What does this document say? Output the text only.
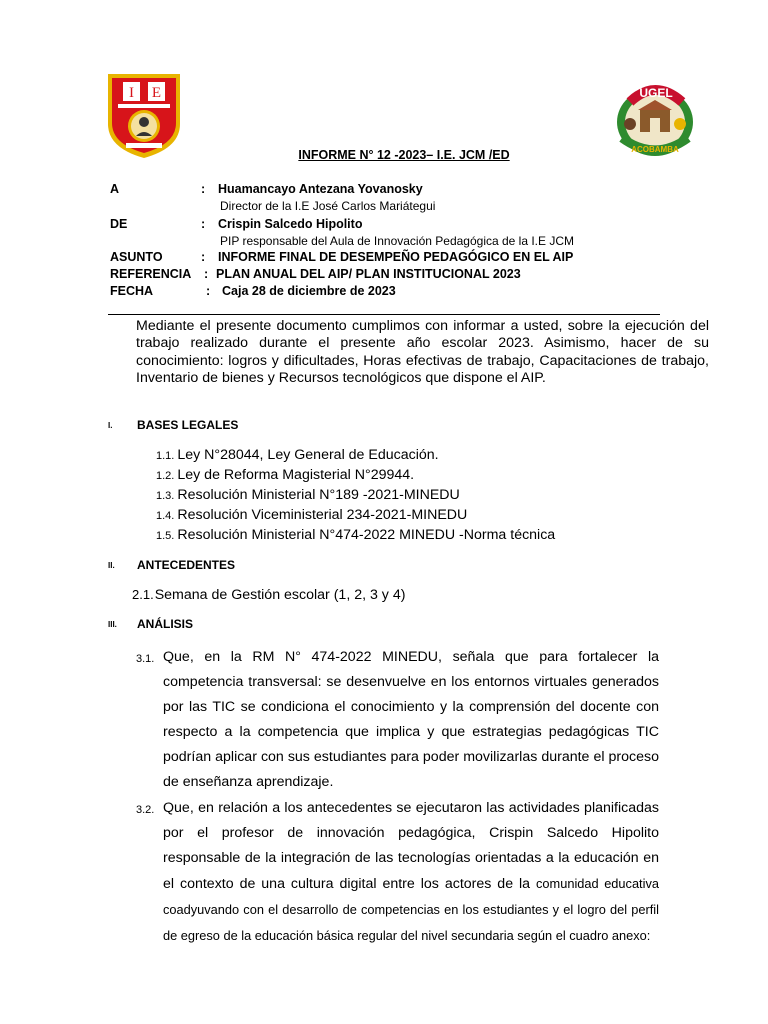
I E	UGEL
ACOBAMBA
INFORME N° 12 -2023– I.E. JCM /ED
A	: Huamancayo Antezana Yovanosky
Director de la I.E José Carlos Mariátegui
DE	: Crispin Salcedo Hipolito
PIP responsable del Aula de Innovación Pedagógica de la I.E JCM
ASUNTO	: INFORME FINAL DE DESEMPEÑO PEDAGÓGICO EN EL AIP
REFERENCIA : PLAN ANUAL DEL AIP/ PLAN INSTITUCIONAL 2023
FECHA	: Caja 28 de diciembre de 2023
Mediante el presente documento cumplimos con informar a usted, sobre la ejecución del trabajo realizado durante el presente año escolar 2023. Asimismo, hacer de su conocimiento: logros y dificultades, Horas efectivas de trabajo, Capacitaciones de trabajo, Inventario de bienes y Recursos tecnológicos que dispone el AIP.
I. BASES LEGALES
1.1. Ley N°28044, Ley General de Educación.
1.2. Ley de Reforma Magisterial N°29944.
1.3. Resolución Ministerial N°189 -2021-MINEDU
1.4. Resolución Viceministerial 234-2021-MINEDU
1.5. Resolución Ministerial N°474-2022 MINEDU -Norma técnica
II. ANTECEDENTES
2.1.Semana de Gestión escolar (1, 2, 3 y 4)
III. ANÁLISIS
3.1. Que, en la RM N° 474-2022 MINEDU, señala que para fortalecer la competencia transversal: se desenvuelve en los entornos virtuales generados por las TIC se condiciona el conocimiento y la comprensión del docente con respecto a la competencia que implica y que estrategias pedagógicas TIC podrían aplicar con sus estudiantes para poder movilizarlas durante el proceso de enseñanza aprendizaje.
3.2. Que, en relación a los antecedentes se ejecutaron las actividades planificadas por el profesor de innovación pedagógica, Crispin Salcedo Hipolito responsable de la integración de las tecnologías orientadas a la educación en el contexto de una cultura digital entre los actores de la comunidad educativa coadyuvando con el desarrollo de competencias en los estudiantes y el logro del perfil de egreso de la educación básica regular del nivel secundaria según el cuadro anexo:
